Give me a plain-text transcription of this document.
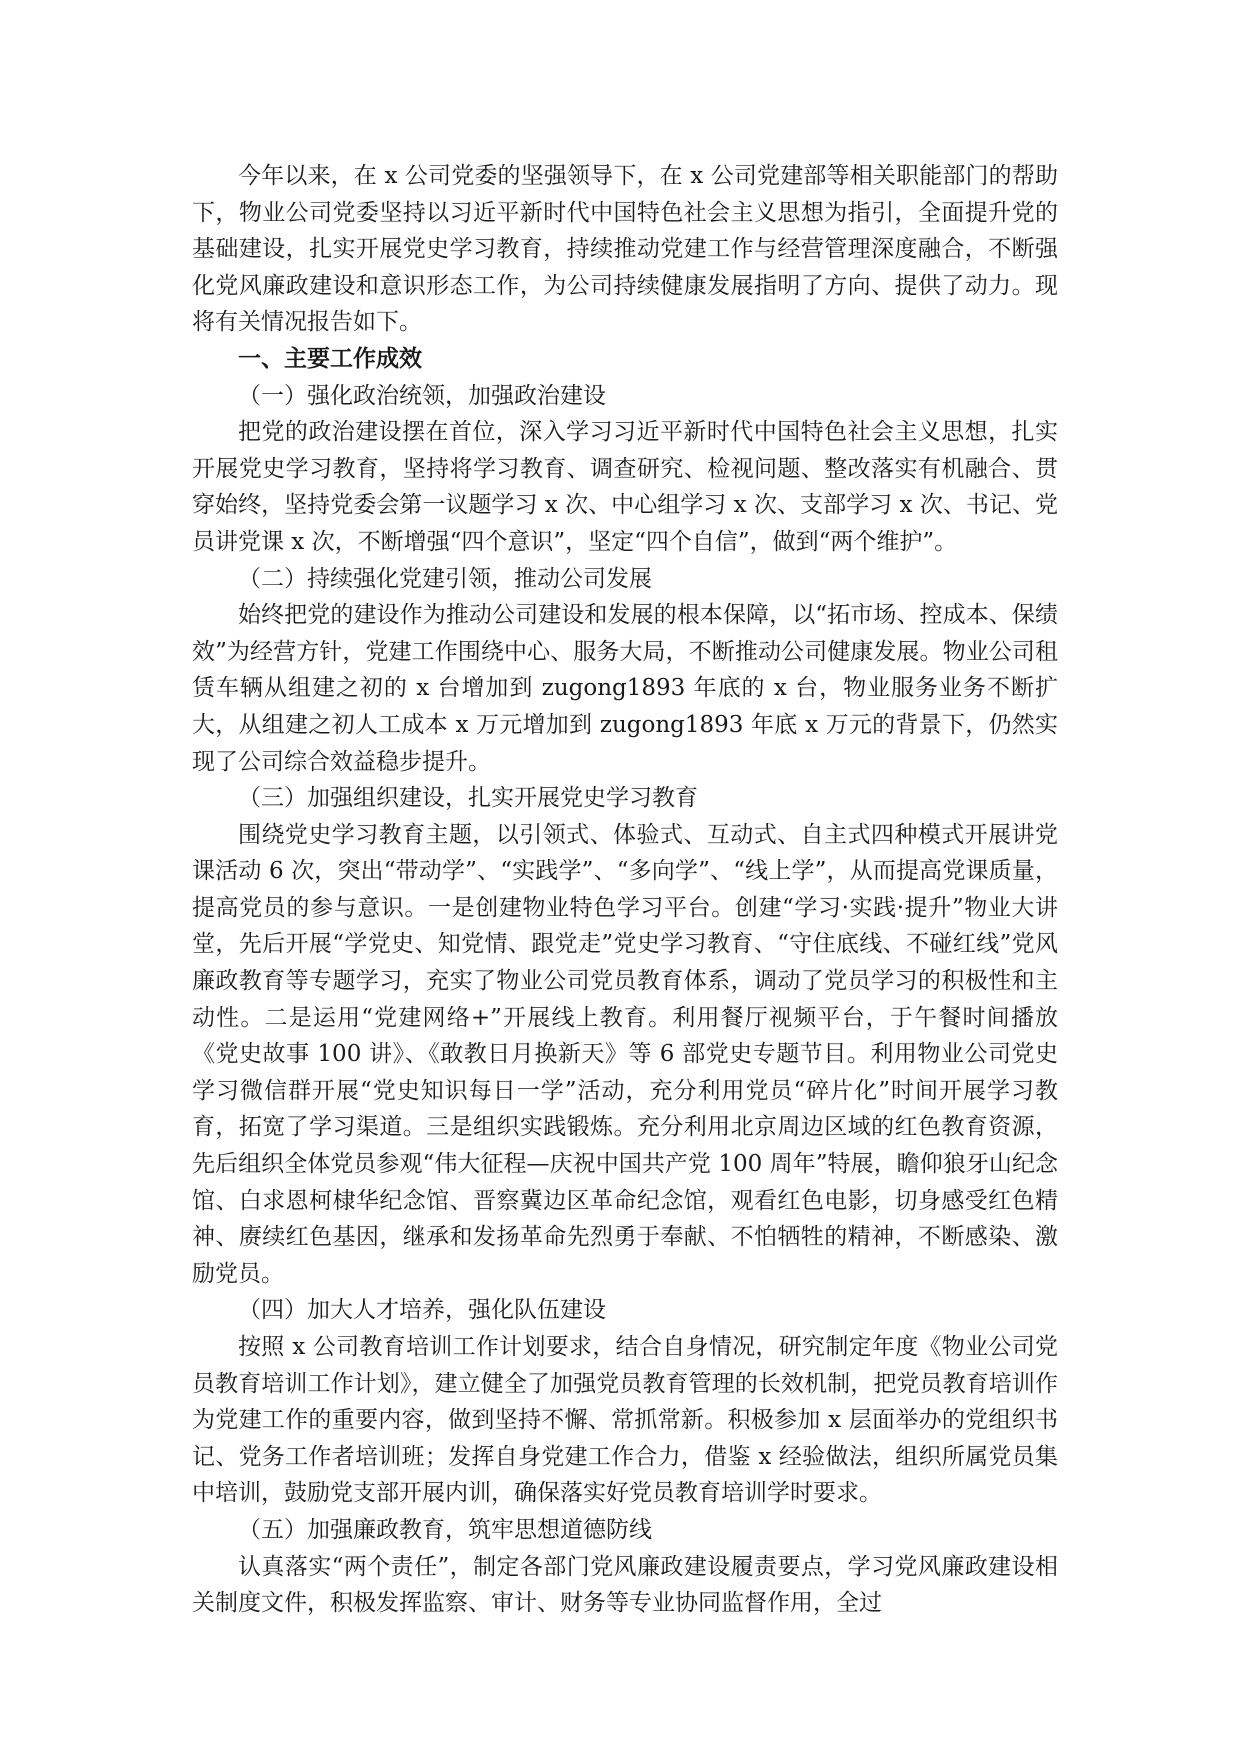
今年以来，在 x 公司党委的坚强领导下，在 x 公司党建部等相关职能部门的帮助下，物业公司党委坚持以习近平新时代中国特色社会主义思想为指引，全面提升党的基础建设，扎实开展党史学习教育，持续推动党建工作与经营管理深度融合，不断强化党风廉政建设和意识形态工作，为公司持续健康发展指明了方向、提供了动力。现将有关情况报告如下。

一、主要工作成效

（一）强化政治统领，加强政治建设

把党的政治建设摆在首位，深入学习习近平新时代中国特色社会主义思想，扎实开展党史学习教育，坚持将学习教育、调查研究、检视问题、整改落实有机融合、贯穿始终，坚持党委会第一议题学习 x 次、中心组学习 x 次、支部学习 x 次、书记、党员讲党课 x 次，不断增强“四个意识”，坚定“四个自信”，做到“两个维护”。

（二）持续强化党建引领，推动公司发展

始终把党的建设作为推动公司建设和发展的根本保障，以“拓市场、控成本、保绩效”为经营方针，党建工作围绕中心、服务大局，不断推动公司健康发展。物业公司租赁车辆从组建之初的 x 台增加到 zugong1893 年底的 x 台，物业服务业务不断扩大，从组建之初人工成本 x 万元增加到 zugong1893 年底 x 万元的背景下，仍然实现了公司综合效益稳步提升。

（三）加强组织建设，扎实开展党史学习教育

围绕党史学习教育主题，以引领式、体验式、互动式、自主式四种模式开展讲党课活动 6 次，突出“带动学”、“实践学”、“多向学”、“线上学”，从而提高党课质量，提高党员的参与意识。一是创建物业特色学习平台。创建“学习·实践·提升”物业大讲堂，先后开展“学党史、知党情、跟党走”党史学习教育、“守住底线、不碰红线”党风廉政教育等专题学习，充实了物业公司党员教育体系，调动了党员学习的积极性和主动性。二是运用“党建网络+”开展线上教育。利用餐厅视频平台，于午餐时间播放《党史故事 100 讲》、《敢教日月换新天》等 6 部党史专题节目。利用物业公司党史学习微信群开展“党史知识每日一学”活动，充分利用党员“碎片化”时间开展学习教育，拓宽了学习渠道。三是组织实践锻炼。充分利用北京周边区域的红色教育资源，先后组织全体党员参观“伟大征程—庆祝中国共产党 100 周年”特展，瞻仰狼牙山纪念馆、白求恩柯棣华纪念馆、晋察冀边区革命纪念馆，观看红色电影，切身感受红色精神、赓续红色基因，继承和发扬革命先烈勇于奉献、不怕牺牲的精神，不断感染、激励党员。

（四）加大人才培养，强化队伍建设

按照 x 公司教育培训工作计划要求，结合自身情况，研究制定年度《物业公司党员教育培训工作计划》，建立健全了加强党员教育管理的长效机制，把党员教育培训作为党建工作的重要内容，做到坚持不懈、常抓常新。积极参加 x 层面举办的党组织书记、党务工作者培训班；发挥自身党建工作合力，借鉴 x 经验做法，组织所属党员集中培训，鼓励党支部开展内训，确保落实好党员教育培训学时要求。

（五）加强廉政教育，筑牢思想道德防线

认真落实“两个责任”，制定各部门党风廉政建设履责要点，学习党风廉政建设相关制度文件，积极发挥监察、审计、财务等专业协同监督作用，全过
